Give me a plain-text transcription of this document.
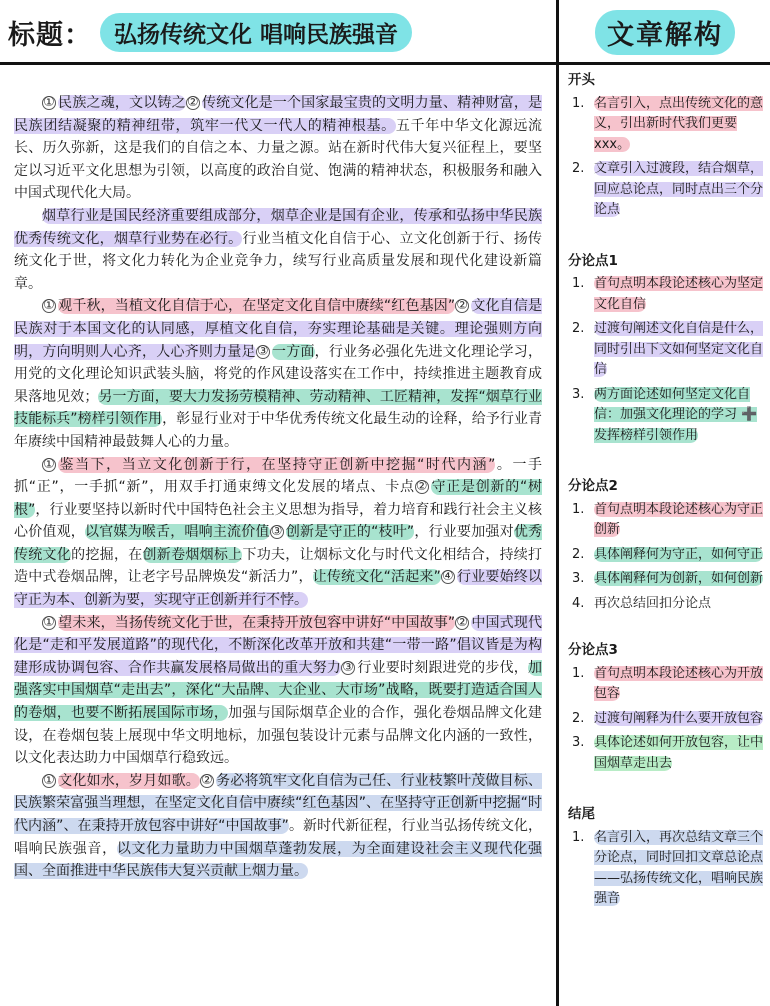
标题： 弘扬传统文化 唱响民族强音	文章解构

① 民族之魂，文以铸之② 传统文化是一个国家最宝贵的文明力量、精神财富，是民族团结凝聚的精神纽带，筑牢一代又一代人的精神根基。五千年中华文化源远流长、历久弥新，这是我们的自信之本、力量之源。站在新时代伟大复兴征程上，要坚定以习近平文化思想为引领，以高度的政治自觉、饱满的精神状态，积极服务和融入中国式现代化大局。

烟草行业是国民经济重要组成部分，烟草企业是国有企业，传承和弘扬中华民族优秀传统文化，烟草行业势在必行。行业当植文化自信于心、立文化创新于行、扬传统文化于世，将文化力转化为企业竞争力，续写行业高质量发展和现代化建设新篇章。

① 观千秋，当植文化自信于心，在坚定文化自信中赓续“红色基因”② 文化自信是民族对于本国文化的认同感，厚植文化自信，夯实理论基础是关键。理论强则方向明，方向明则人心齐，人心齐则力量足③ 一方面，行业务必强化先进文化理论学习，用党的文化理论知识武装头脑，将党的作风建设落实在工作中，持续推进主题教育成果落地见效；另一方面，要大力发扬劳模精神、劳动精神、工匠精神，发挥“烟草行业技能标兵”榜样引领作用，彰显行业对于中华优秀传统文化最生动的诠释，给予行业青年赓续中国精神最鼓舞人心的力量。

① 鉴当下，当立文化创新于行，在坚持守正创新中挖掘“时代内涵”。一手抓“正”，一手抓“新”，用双手打通束缚文化发展的堵点、卡点② 守正是创新的“树根”，行业要坚持以新时代中国特色社会主义思想为指导，着力培育和践行社会主义核心价值观，以官媒为喉舌，唱响主流价值③ 创新是守正的“枝叶”，行业要加强对优秀传统文化的挖掘，在创新卷烟烟标上下功夫，让烟标文化与时代文化相结合，持续打造中式卷烟品牌，让老字号品牌焕发“新活力”，让传统文化“活起来”④ 行业要始终以守正为本、创新为要，实现守正创新并行不悖。

① 望未来，当扬传统文化于世，在秉持开放包容中讲好“中国故事”② 中国式现代化是“走和平发展道路”的现代化，不断深化改革开放和共建“一带一路”倡议皆是为构建形成协调包容、合作共赢发展格局做出的重大努力③ 行业要时刻跟进党的步伐，加强落实中国烟草“走出去”，深化“大品牌、大企业、大市场”战略，既要打造适合国人的卷烟，也要不断拓展国际市场，加强与国际烟草企业的合作，强化卷烟品牌文化建设，在卷烟包装上展现中华文明地标，加强包装设计元素与品牌文化内涵的一致性，以文化表达助力中国烟草行稳致远。

① 文化如水，岁月如歌。② 务必将筑牢文化自信为己任、行业枝繁叶茂做目标、民族繁荣富强当理想，在坚定文化自信中赓续“红色基因”、在坚持守正创新中挖掘“时代内涵”、在秉持开放包容中讲好“中国故事”。新时代新征程，行业当弘扬传统文化，唱响民族强音，以文化力量助力中国烟草蓬勃发展，为全面建设社会主义现代化强国、全面推进中华民族伟大复兴贡献上烟力量。

开头
1. 名言引入，点出传统文化的意义，引出新时代我们更要xxx。
2. 文章引入过渡段，结合烟草，回应总论点，同时点出三个分论点
分论点1
1. 首句点明本段论述核心为坚定文化自信
2. 过渡句阐述文化自信是什么，同时引出下文如何坚定文化自信
3. 两方面论述如何坚定文化自信：加强文化理论的学习 ➕ 发挥榜样引领作用
分论点2
1. 首句点明本段论述核心为守正创新
2. 具体阐释何为守正，如何守正
3. 具体阐释何为创新，如何创新
4. 再次总结回扣分论点
分论点3
1. 首句点明本段论述核心为开放包容
2. 过渡句阐释为什么要开放包容
3. 具体论述如何开放包容，让中国烟草走出去
结尾
1. 名言引入，再次总结文章三个分论点，同时回扣文章总论点——弘扬传统文化，唱响民族强音
